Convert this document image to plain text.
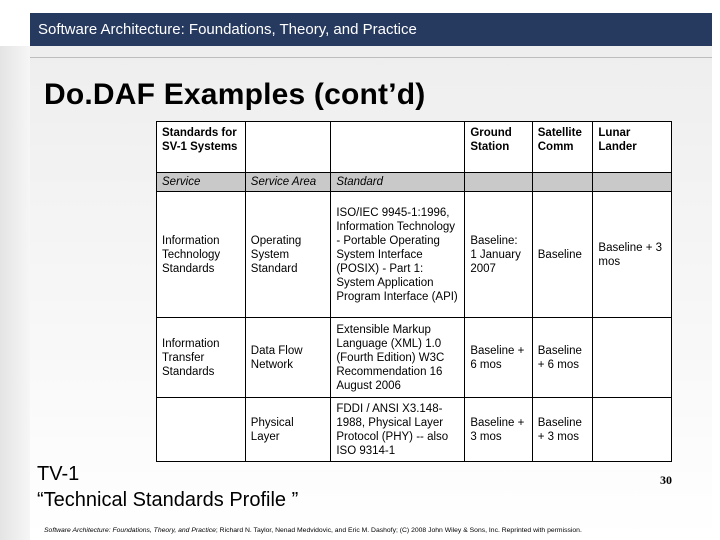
Software Architecture: Foundations, Theory, and Practice
Do.DAF Examples (cont’d)
Standards for SV-1 Systems			Ground Station	Satellite Comm	Lunar Lander
Service	Service Area	Standard			
Information Technology Standards	Operating System Standard	ISO/IEC 9945-1:1996, Information Technology - Portable Operating System Interface (POSIX) - Part 1: System Application Program Interface (API)	Baseline: 1 January 2007	Baseline	Baseline + 3 mos
Information Transfer Standards	Data Flow Network	Extensible Markup Language (XML) 1.0 (Fourth Edition) W3C Recommendation 16 August 2006	Baseline + 6 mos	Baseline + 6 mos	
	Physical Layer	FDDI / ANSI X3.148-1988, Physical Layer Protocol (PHY) -- also ISO 9314-1	Baseline + 3 mos	Baseline + 3 mos	
TV-1
“Technical Standards Profile ”
30
Software Architecture: Foundations, Theory, and Practice; Richard N. Taylor, Nenad Medvidovic, and Eric M. Dashofy; (C) 2008 John Wiley & Sons, Inc. Reprinted with permission.
